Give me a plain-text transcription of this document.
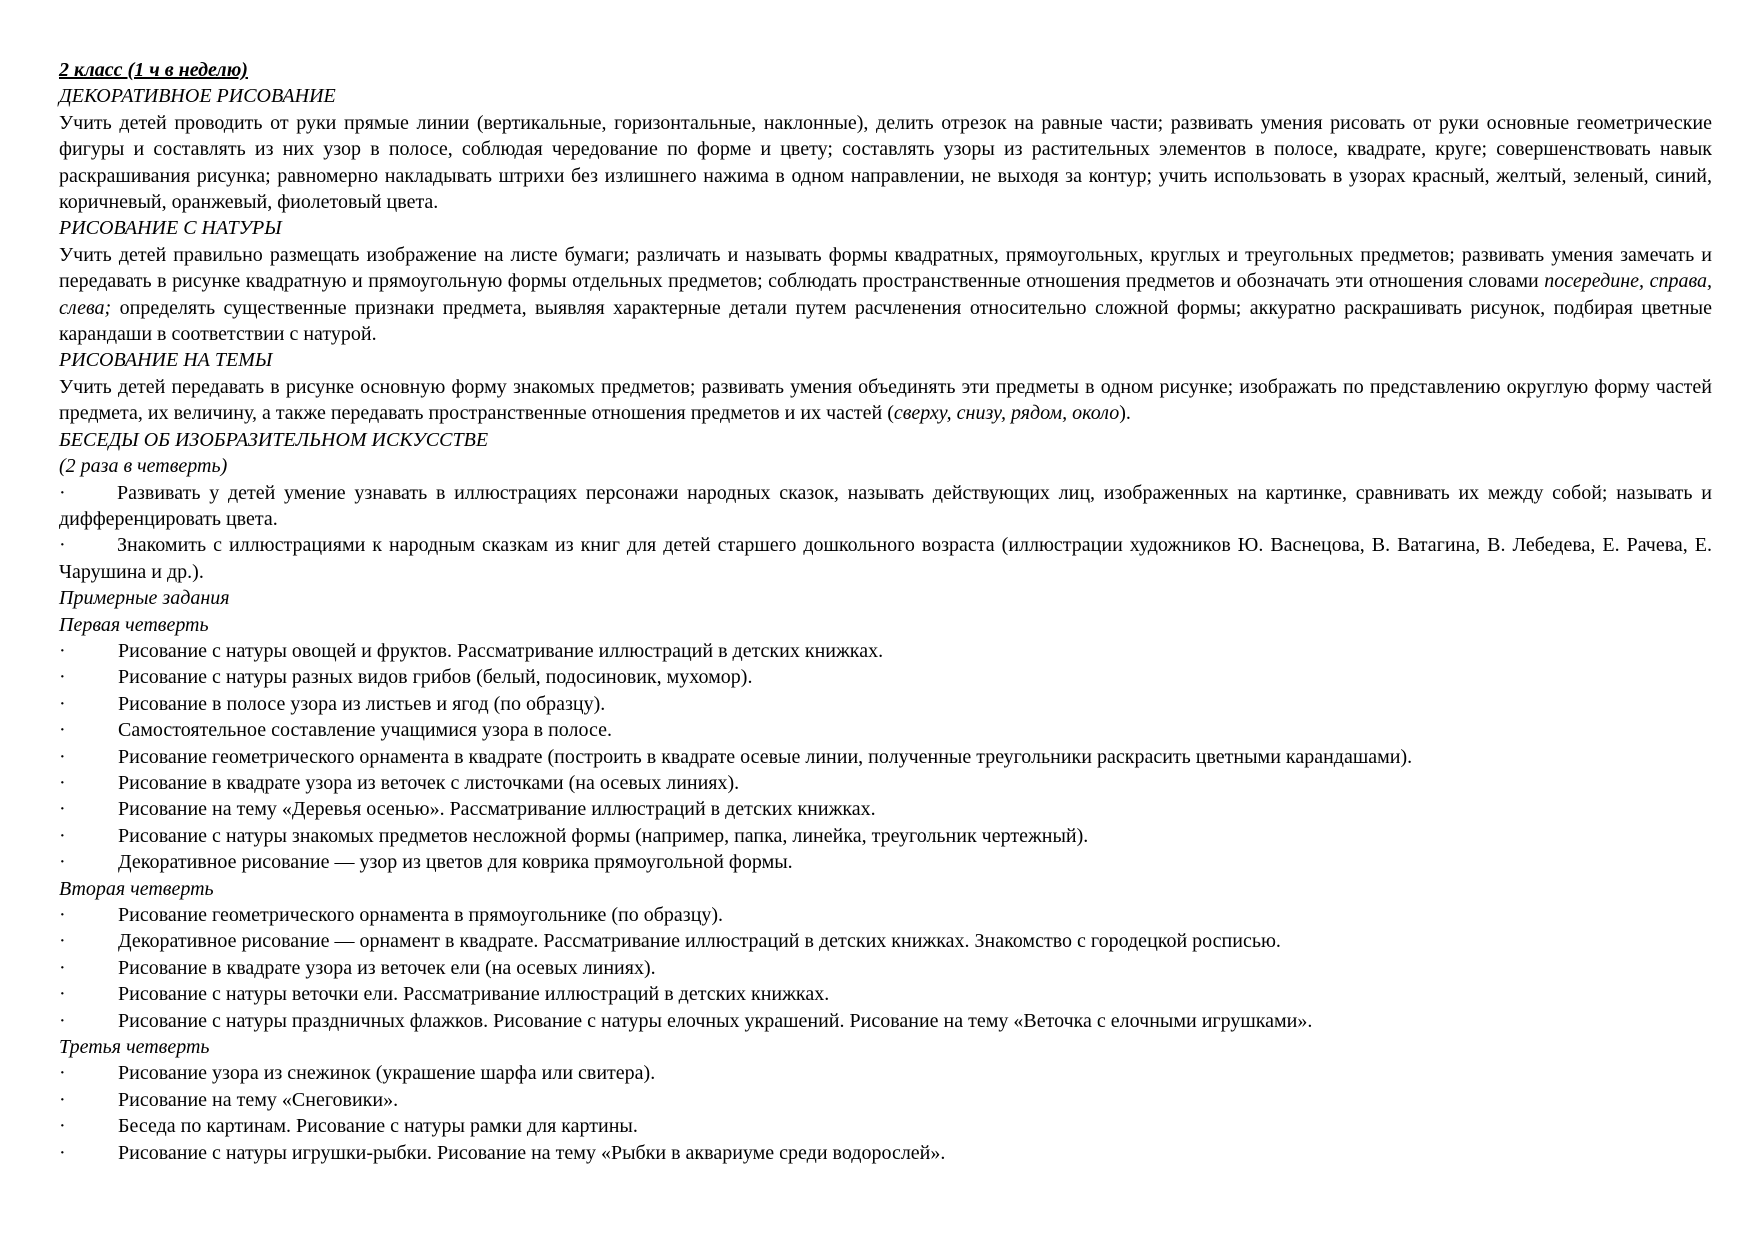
2 класс (1 ч в неделю)
ДЕКОРАТИВНОЕ РИСОВАНИЕ
Учить детей проводить от руки прямые линии (вертикальные, горизонтальные, наклонные), делить отрезок на равные части; развивать умения рисовать от руки основные геометрические фигуры и составлять из них узор в полосе, соблюдая чередование по форме и цвету; составлять узоры из растительных элементов в полосе, квадрате, круге; совершенствовать навык раскрашивания рисунка; равномерно накладывать штрихи без излишнего нажима в одном направлении, не выходя за контур; учить использовать в узорах красный, желтый, зеленый, синий, коричневый, оранжевый, фиолетовый цвета.
РИСОВАНИЕ С НАТУРЫ
Учить детей правильно размещать изображение на листе бумаги; различать и называть формы квадратных, прямоугольных, круглых и треугольных предметов; развивать умения замечать и передавать в рисунке квадратную и прямоугольную формы отдельных предметов; соблюдать пространственные отношения предметов и обозначать эти отношения словами посередине, справа, слева; определять существенные признаки предмета, выявляя характерные детали путем расчленения относительно сложной формы; аккуратно раскрашивать рисунок, подбирая цветные карандаши в соответствии с натурой.
РИСОВАНИЕ НА ТЕМЫ
Учить детей передавать в рисунке основную форму знакомых предметов; развивать умения объединять эти предметы в одном рисунке; изображать по представлению округлую форму частей предмета, их величину, а также передавать пространственные отношения предметов и их частей (сверху, снизу, рядом, около).
БЕСЕДЫ ОБ ИЗОБРАЗИТЕЛЬНОМ ИСКУССТВЕ
(2 раза в четверть)
·	Развивать у детей умение узнавать в иллюстрациях персонажи народных сказок, называть действующих лиц, изображенных на картинке, сравнивать их между собой; называть и дифференцировать цвета.
·	Знакомить с иллюстрациями к народным сказкам из книг для детей старшего дошкольного возраста (иллюстрации художников Ю. Васнецова, В. Ватагина, В. Лебедева, Е. Рачева, Е. Чарушина и др.).
Примерные задания
Первая четверть
·	Рисование с натуры овощей и фруктов. Рассматривание иллюстраций в детских книжках.
·	Рисование с натуры разных видов грибов (белый, подосиновик, мухомор).
·	Рисование в полосе узора из листьев и ягод (по образцу).
·	Самостоятельное составление учащимися узора в полосе.
·	Рисование геометрического орнамента в квадрате (построить в квадрате осевые линии, полученные треугольники раскрасить цветными карандашами).
·	Рисование в квадрате узора из веточек с листочками (на осевых линиях).
·	Рисование на тему «Деревья осенью». Рассматривание иллюстраций в детских книжках.
·	Рисование с натуры знакомых предметов несложной формы (например, папка, линейка, треугольник чертежный).
·	Декоративное рисование — узор из цветов для коврика прямоугольной формы.
Вторая четверть
·	Рисование геометрического орнамента в прямоугольнике (по образцу).
·	Декоративное рисование — орнамент в квадрате. Рассматривание иллюстраций в детских книжках. Знакомство с городецкой росписью.
·	Рисование в квадрате узора из веточек ели (на осевых линиях).
·	Рисование с натуры веточки ели. Рассматривание иллюстраций в детских книжках.
·	Рисование с натуры праздничных флажков. Рисование с натуры елочных украшений. Рисование на тему «Веточка с елочными игрушками».
Третья четверть
·	Рисование узора из снежинок (украшение шарфа или свитера).
·	Рисование на тему «Снеговики».
·	Беседа по картинам. Рисование с натуры рамки для картины.
·	Рисование с натуры игрушки-рыбки. Рисование на тему «Рыбки в аквариуме среди водорослей».
